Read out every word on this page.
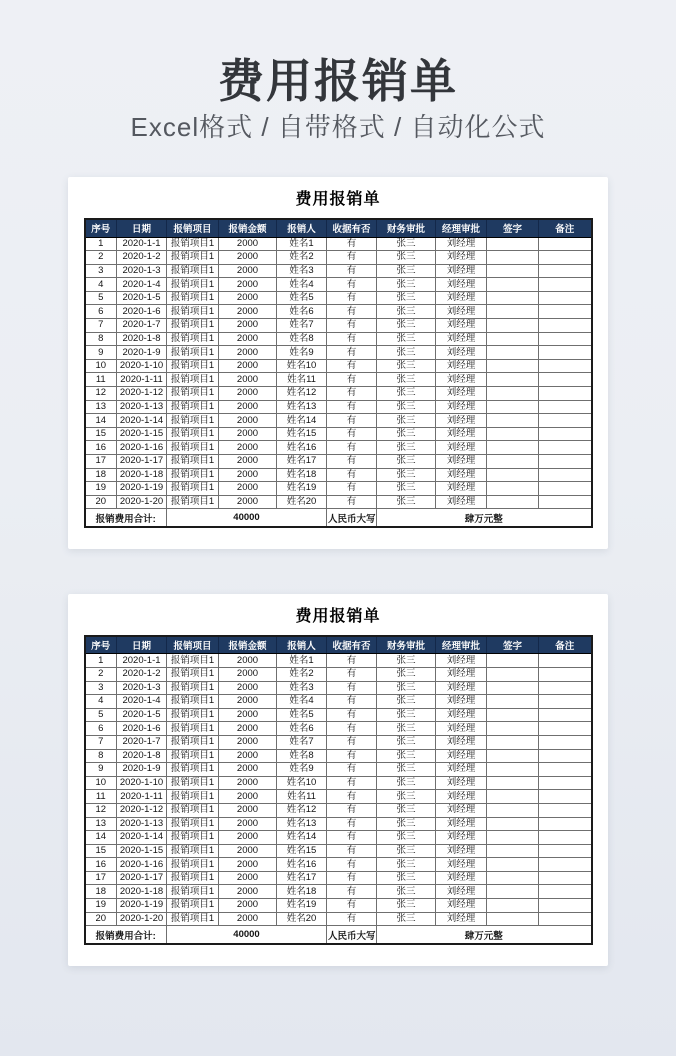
费用报销单

Excel格式 / 自带格式 / 自动化公式

费用报销单
序号	日期	报销项目	报销金额	报销人	收据有否	财务审批	经理审批	签字	备注
1	2020-1-1	报销项目1	2000	姓名1	有	张三	刘经理		
2	2020-1-2	报销项目1	2000	姓名2	有	张三	刘经理		
3	2020-1-3	报销项目1	2000	姓名3	有	张三	刘经理		
4	2020-1-4	报销项目1	2000	姓名4	有	张三	刘经理		
5	2020-1-5	报销项目1	2000	姓名5	有	张三	刘经理		
6	2020-1-6	报销项目1	2000	姓名6	有	张三	刘经理		
7	2020-1-7	报销项目1	2000	姓名7	有	张三	刘经理		
8	2020-1-8	报销项目1	2000	姓名8	有	张三	刘经理		
9	2020-1-9	报销项目1	2000	姓名9	有	张三	刘经理		
10	2020-1-10	报销项目1	2000	姓名10	有	张三	刘经理		
11	2020-1-11	报销项目1	2000	姓名11	有	张三	刘经理		
12	2020-1-12	报销项目1	2000	姓名12	有	张三	刘经理		
13	2020-1-13	报销项目1	2000	姓名13	有	张三	刘经理		
14	2020-1-14	报销项目1	2000	姓名14	有	张三	刘经理		
15	2020-1-15	报销项目1	2000	姓名15	有	张三	刘经理		
16	2020-1-16	报销项目1	2000	姓名16	有	张三	刘经理		
17	2020-1-17	报销项目1	2000	姓名17	有	张三	刘经理		
18	2020-1-18	报销项目1	2000	姓名18	有	张三	刘经理		
19	2020-1-19	报销项目1	2000	姓名19	有	张三	刘经理		
20	2020-1-20	报销项目1	2000	姓名20	有	张三	刘经理		
报销费用合计:		40000			人民币大写	肆万元整			
费用报销单
序号	日期	报销项目	报销金额	报销人	收据有否	财务审批	经理审批	签字	备注
1	2020-1-1	报销项目1	2000	姓名1	有	张三	刘经理		
2	2020-1-2	报销项目1	2000	姓名2	有	张三	刘经理		
3	2020-1-3	报销项目1	2000	姓名3	有	张三	刘经理		
4	2020-1-4	报销项目1	2000	姓名4	有	张三	刘经理		
5	2020-1-5	报销项目1	2000	姓名5	有	张三	刘经理		
6	2020-1-6	报销项目1	2000	姓名6	有	张三	刘经理		
7	2020-1-7	报销项目1	2000	姓名7	有	张三	刘经理		
8	2020-1-8	报销项目1	2000	姓名8	有	张三	刘经理		
9	2020-1-9	报销项目1	2000	姓名9	有	张三	刘经理		
10	2020-1-10	报销项目1	2000	姓名10	有	张三	刘经理		
11	2020-1-11	报销项目1	2000	姓名11	有	张三	刘经理		
12	2020-1-12	报销项目1	2000	姓名12	有	张三	刘经理		
13	2020-1-13	报销项目1	2000	姓名13	有	张三	刘经理		
14	2020-1-14	报销项目1	2000	姓名14	有	张三	刘经理		
15	2020-1-15	报销项目1	2000	姓名15	有	张三	刘经理		
16	2020-1-16	报销项目1	2000	姓名16	有	张三	刘经理		
17	2020-1-17	报销项目1	2000	姓名17	有	张三	刘经理		
18	2020-1-18	报销项目1	2000	姓名18	有	张三	刘经理		
19	2020-1-19	报销项目1	2000	姓名19	有	张三	刘经理		
20	2020-1-20	报销项目1	2000	姓名20	有	张三	刘经理		
报销费用合计:		40000			人民币大写	肆万元整			
